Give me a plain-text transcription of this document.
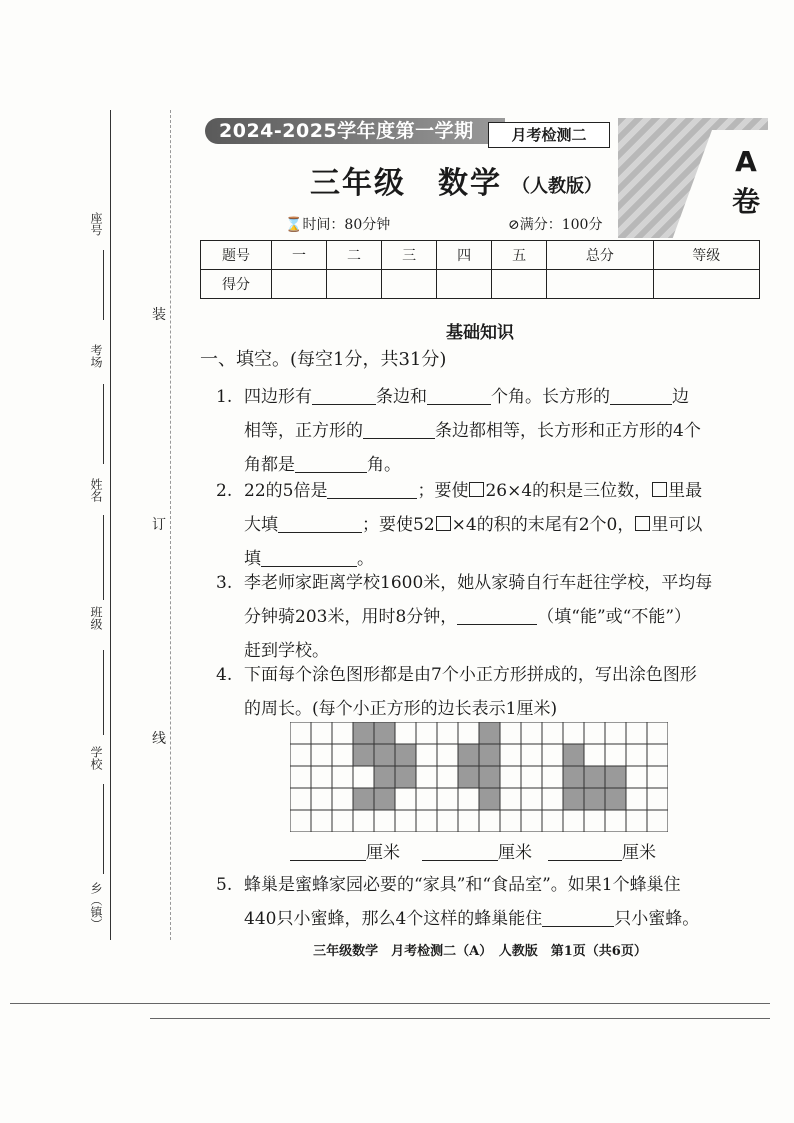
座号
考场
姓名
班级
学校
乡（镇）
装
订
线
2024-2025学年度第一学期	月考检测二
A
卷
三年级　数学 （人教版）
⌛时间：80分钟	⊘满分：100分
题号	一	二	三	四	五	总分	等级
得分							
基础知识
一、填空。(每空1分，共31分)
1. 四边形有	条边和	个角。长方形的	边
相等，正方形的	条边都相等，长方形和正方形的4个
角都是	角。
2. 22的5倍是	；要使 26×4的积是三位数， 里最
大填	；要使52 ×4的积的末尾有2个0， 里可以
填	。
3. 李老师家距离学校1600米，她从家骑自行车赶往学校，平均每
分钟骑203米，用时8分钟，	（填“能”或“不能”）
赶到学校。
4. 下面每个涂色图形都是由7个小正方形拼成的，写出涂色图形
的周长。(每个小正方形的边长表示1厘米)
厘米	厘米	厘米
5. 蜂巢是蜜蜂家园必要的“家具”和“食品室”。如果1个蜂巢住
440只小蜜蜂，那么4个这样的蜂巢能住	只小蜜蜂。
三年级数学　月考检测二（A）　人教版　第1页（共6页）
